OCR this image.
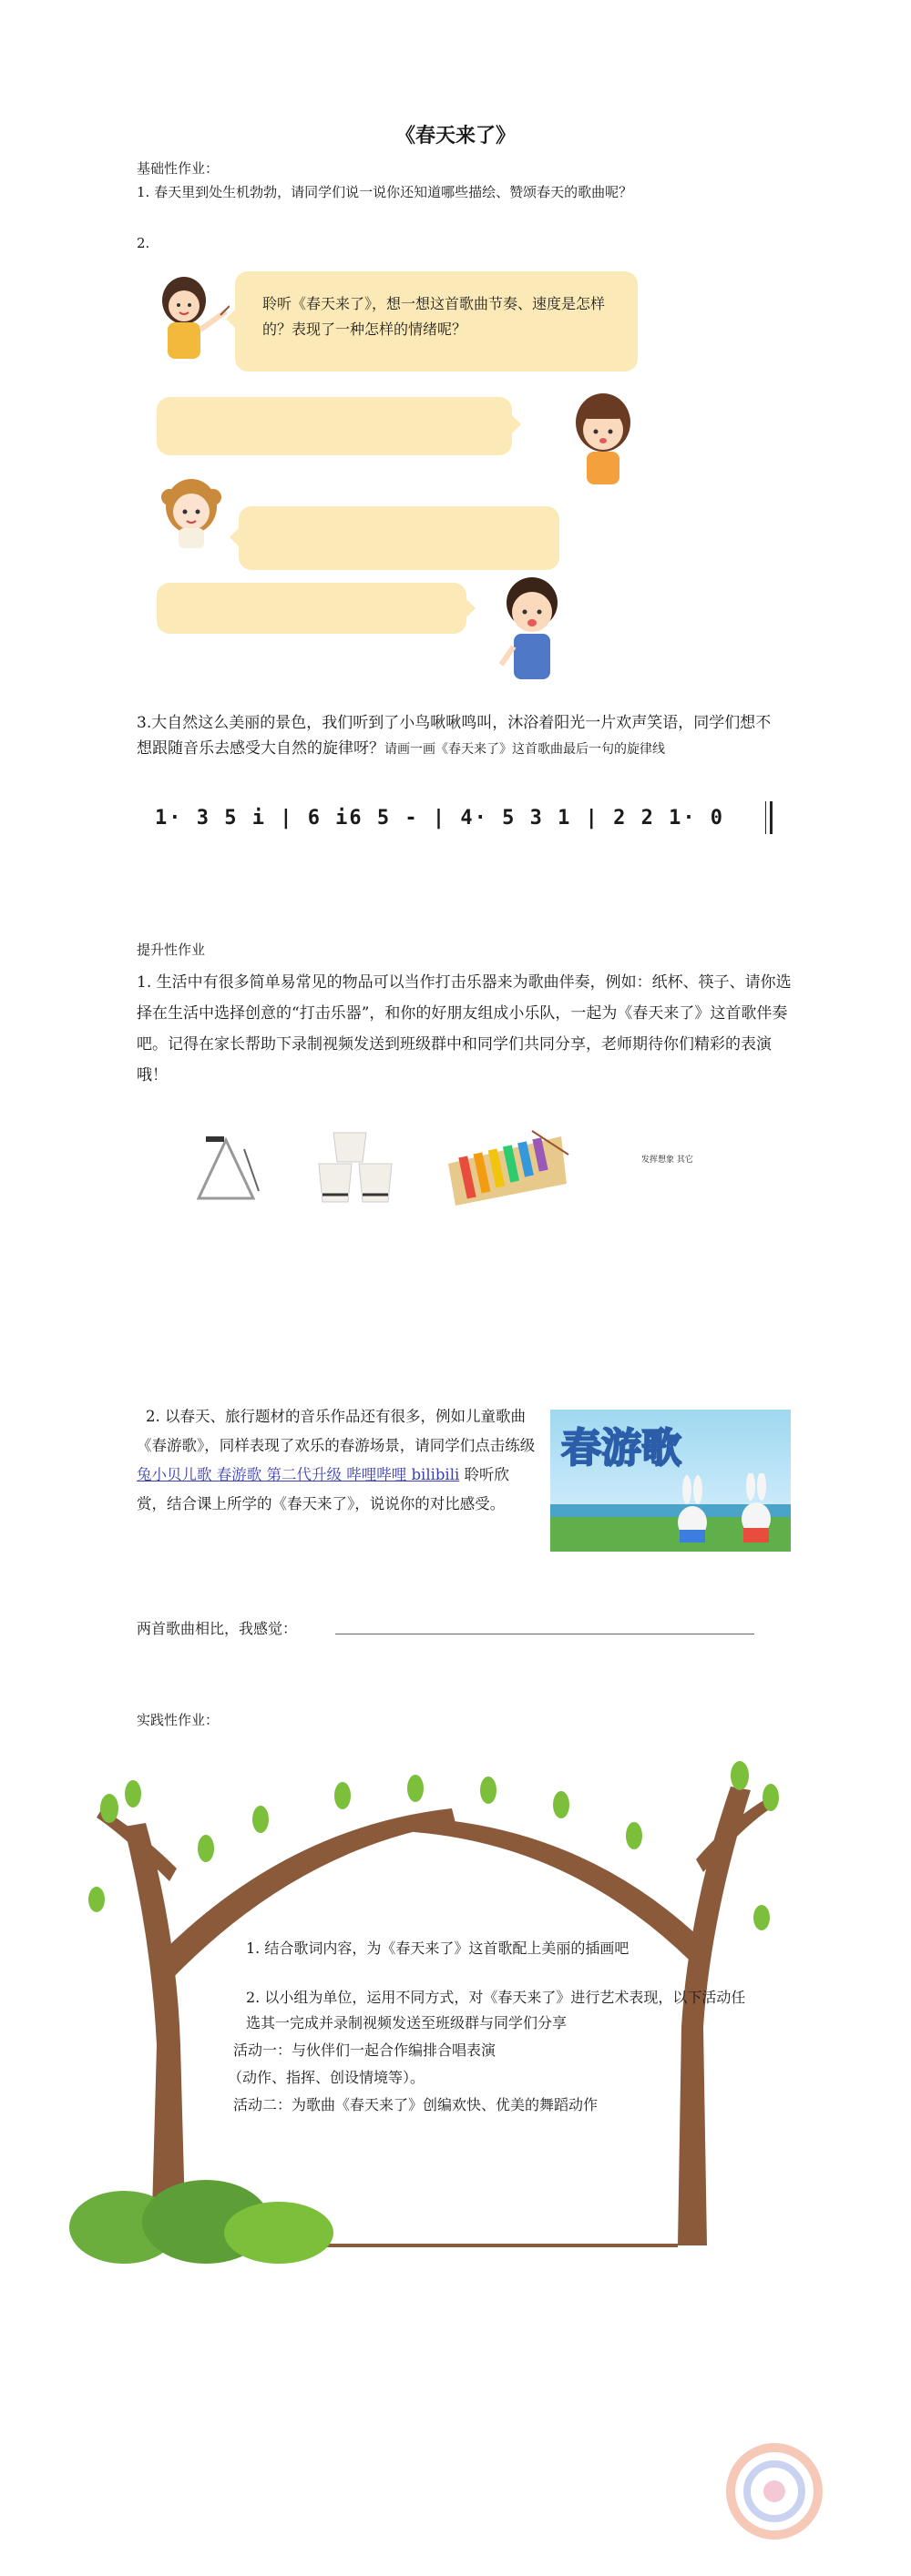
《春天来了》
基础性作业：
1. 春天里到处生机勃勃，请同学们说一说你还知道哪些描绘、赞颂春天的歌曲呢？
2.
聆听《春天来了》，想一想这首歌曲节奏、速度是怎样的？表现了一种怎样的情绪呢？
3.大自然这么美丽的景色，我们听到了小鸟啾啾鸣叫，沐浴着阳光一片欢声笑语，同学们想不想跟随音乐去感受大自然的旋律呀？请画一画《春天来了》这首歌曲最后一句的旋律线
1· 3 5 i | 6 i6 5 - | 4· 5 3 1 | 2 2 1· 0
提升性作业
1. 生活中有很多简单易常见的物品可以当作打击乐器来为歌曲伴奏，例如：纸杯、筷子、请你选择在生活中选择创意的“打击乐器”，和你的好朋友组成小乐队，一起为《春天来了》这首歌伴奏吧。记得在家长帮助下录制视频发送到班级群中和同学们共同分享，老师期待你们精彩的表演哦！
发挥想象 其它
2. 以春天、旅行题材的音乐作品还有很多，例如儿童歌曲《春游歌》，同样表现了欢乐的春游场景，请同学们点击练级兔小贝儿歌 春游歌 第二代升级 哔哩哔哩 bilibili 聆听欣赏，结合课上所学的《春天来了》，说说你的对比感受。
春游歌
两首歌曲相比，我感觉：
实践性作业：
1. 结合歌词内容，为《春天来了》这首歌配上美丽的插画吧
2. 以小组为单位，运用不同方式，对《春天来了》进行艺术表现，以下活动任选其一完成并录制视频发送至班级群与同学们分享
活动一：与伙伴们一起合作编排合唱表演
（动作、指挥、创设情境等）。
活动二：为歌曲《春天来了》创编欢快、优美的舞蹈动作
